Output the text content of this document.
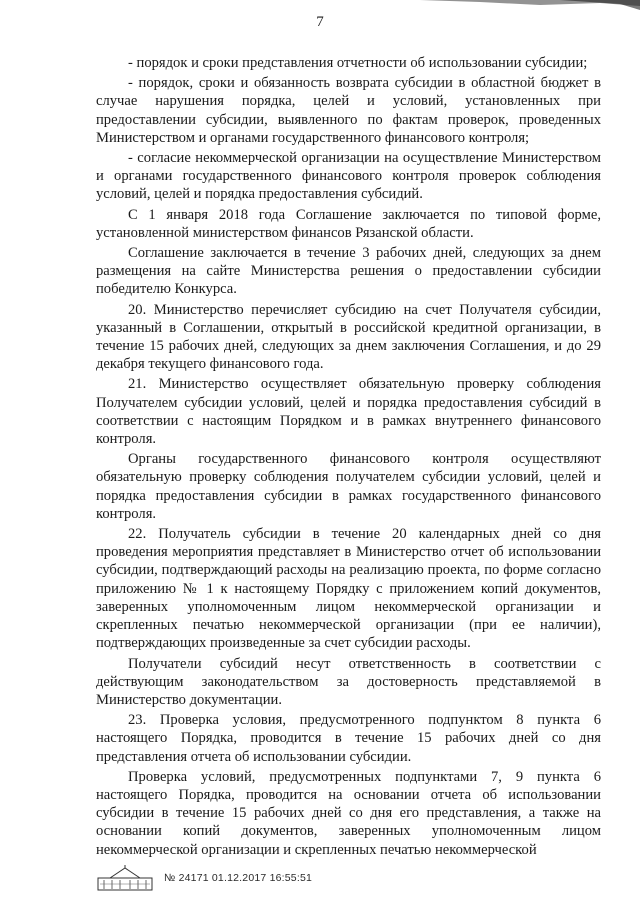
7

- порядок и сроки представления отчетности об использовании субсидии;

- порядок, сроки и обязанность возврата субсидии в областной бюджет в случае нарушения порядка, целей и условий, установленных при предоставлении субсидии, выявленного по фактам проверок, проведенных Министерством и органами государственного финансового контроля;

- согласие некоммерческой организации на осуществление Министерством и органами государственного финансового контроля проверок соблюдения условий, целей и порядка предоставления субсидий.

С 1 января 2018 года Соглашение заключается по типовой форме, установленной министерством финансов Рязанской области.

Соглашение заключается в течение 3 рабочих дней, следующих за днем размещения на сайте Министерства решения о предоставлении субсидии победителю Конкурса.

20. Министерство перечисляет субсидию на счет Получателя субсидии, указанный в Соглашении, открытый в российской кредитной организации, в течение 15 рабочих дней, следующих за днем заключения Соглашения, и до 29 декабря текущего финансового года.

21. Министерство осуществляет обязательную проверку соблюдения Получателем субсидии условий, целей и порядка предоставления субсидий в соответствии с настоящим Порядком и в рамках внутреннего финансового контроля.

Органы государственного финансового контроля осуществляют обязательную проверку соблюдения получателем субсидии условий, целей и порядка предоставления субсидии в рамках государственного финансового контроля.

22. Получатель субсидии в течение 20 календарных дней со дня проведения мероприятия представляет в Министерство отчет об использовании субсидии, подтверждающий расходы на реализацию проекта, по форме согласно приложению № 1 к настоящему Порядку с приложением копий документов, заверенных уполномоченным лицом некоммерческой организации и скрепленных печатью некоммерческой организации (при ее наличии), подтверждающих произведенные за счет субсидии расходы.

Получатели субсидий несут ответственность в соответствии с действующим законодательством за достоверность представляемой в Министерство документации.

23. Проверка условия, предусмотренного подпунктом 8 пункта 6 настоящего Порядка, проводится в течение 15 рабочих дней со дня представления отчета об использовании субсидии.

Проверка условий, предусмотренных подпунктами 7, 9 пункта 6 настоящего Порядка, проводится на основании отчета об использовании субсидии в течение 15 рабочих дней со дня его представления, а также на основании копий документов, заверенных уполномоченным лицом некоммерческой организации и скрепленных печатью некоммерческой

№ 24171 01.12.2017 16:55:51
